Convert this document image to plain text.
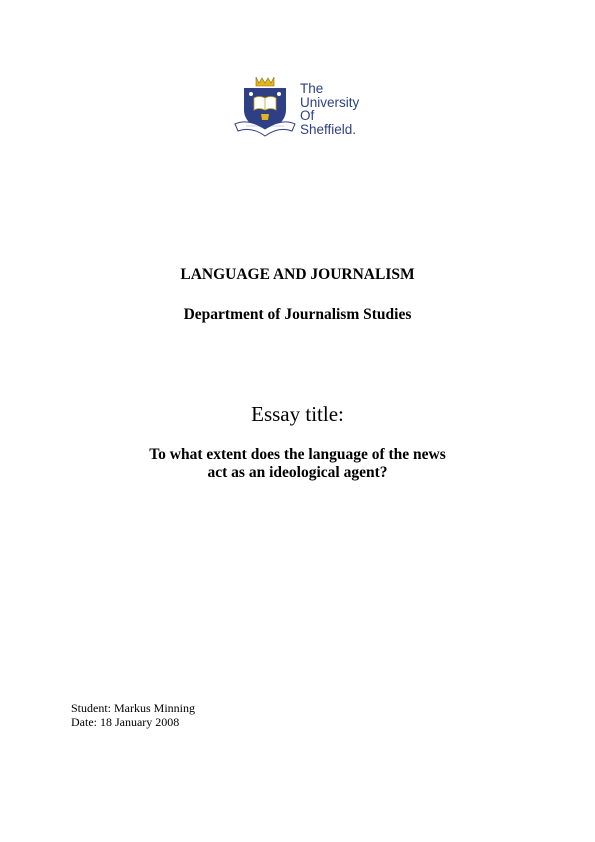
The
University
Of
Sheffield.
LANGUAGE AND JOURNALISM
Department of Journalism Studies
Essay title:
To what extent does the language of the news
act as an ideological agent?
Student: Markus Minning
Date: 18 January 2008
